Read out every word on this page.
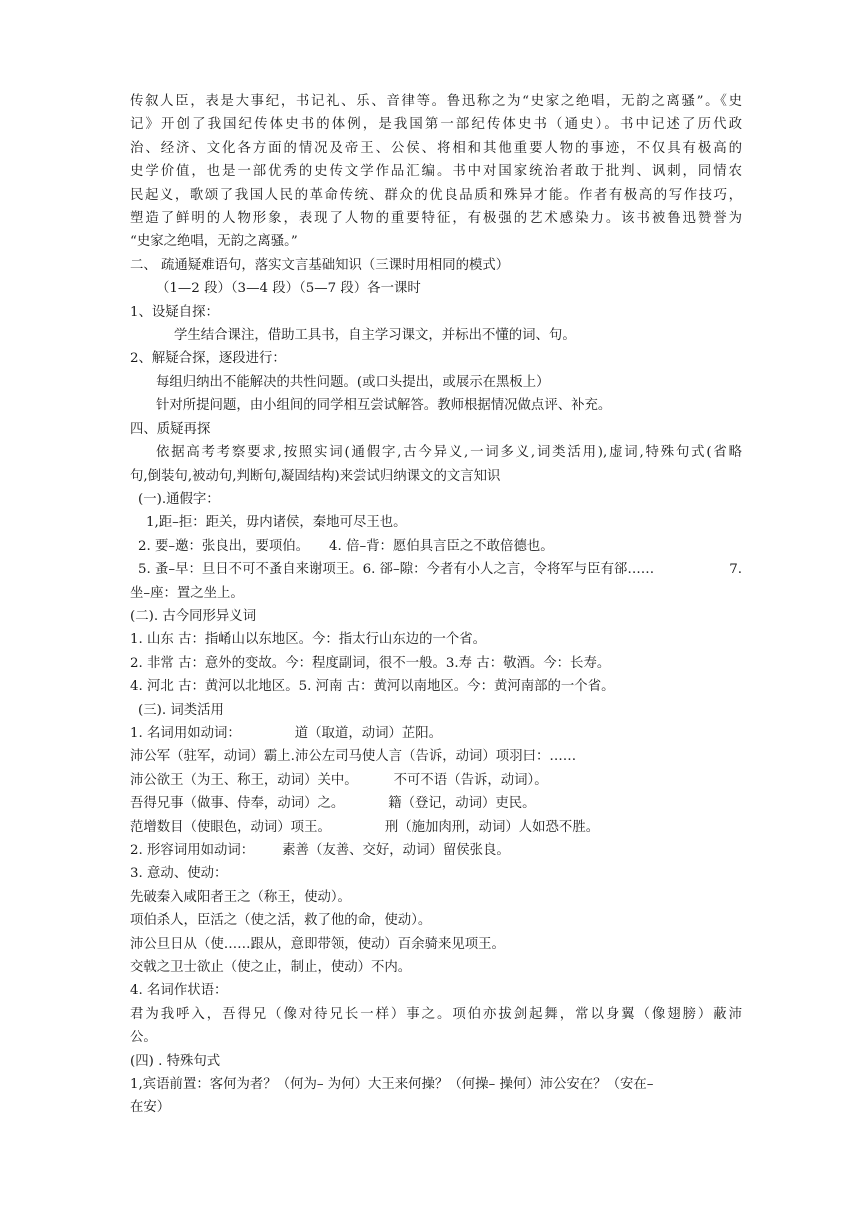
传叙人臣，表是大事纪，书记礼、乐、音律等。鲁迅称之为“史家之绝唱，无韵之离骚”。《史
记》开创了我国纪传体史书的体例，是我国第一部纪传体史书（通史）。书中记述了历代政
治、经济、文化各方面的情况及帝王、公侯、将相和其他重要人物的事迹，不仅具有极高的
史学价值，也是一部优秀的史传文学作品汇编。书中对国家统治者敢于批判、讽刺，同情农
民起义，歌颂了我国人民的革命传统、群众的优良品质和殊异才能。作者有极高的写作技巧，
塑造了鲜明的人物形象，表现了人物的重要特征，有极强的艺术感染力。该书被鲁迅赞誉为
“史家之绝唱，无韵之离骚。”
二、 疏通疑难语句，落实文言基础知识（三课时用相同的模式）
（1—2 段）（3—4 段）（5—7 段）各一课时
1、设疑自探：
学生结合课注，借助工具书，自主学习课文，并标出不懂的词、句。
2、解疑合探，逐段进行：
每组归纳出不能解决的共性问题。(或口头提出，或展示在黑板上）
针对所提问题，由小组间的同学相互尝试解答。教师根据情况做点评、补充。
四、质疑再探
依据高考考察要求,按照实词(通假字,古今异义,一词多义,词类活用),虚词,特殊句式(省略
句,倒装句,被动句,判断句,凝固结构)来尝试归纳课文的文言知识
(一).通假字：
1,距–拒：距关，毋内诸侯，秦地可尽王也。
2. 要–邀：张良出，要项伯。 4. 倍–背：愿伯具言臣之不敢倍德也。
5. 蚤–早：旦日不可不蚤自来谢项王。6. 郤–隙：今者有小人之言，令将军与臣有郤……	7.
坐–座：置之坐上。
(二). 古今同形异义词
1. 山东 古：指崤山以东地区。今：指太行山东边的一个省。
2. 非常 古：意外的变故。今：程度副词，很不一般。3.寿 古：敬酒。今：长寿。
4. 河北 古：黄河以北地区。5. 河南 古：黄河以南地区。今：黄河南部的一个省。
(三). 词类活用
1. 名词用如动词：	道（取道，动词）芷阳。
沛公军（驻军，动词）霸上.沛公左司马使人言（告诉，动词）项羽曰：……
沛公欲王（为王、称王，动词）关中。	不可不语（告诉，动词）。
吾得兄事（做事、侍奉，动词）之。	籍（登记，动词）吏民。
范增数目（使眼色，动词）项王。	刑（施加肉刑，动词）人如恐不胜。
2. 形容词用如动词： 素善（友善、交好，动词）留侯张良。
3. 意动、使动：
先破秦入咸阳者王之（称王，使动）。
项伯杀人，臣活之（使之活，救了他的命，使动）。
沛公旦日从（使……跟从，意即带领，使动）百余骑来见项王。
交戟之卫士欲止（使之止，制止，使动）不内。
4. 名词作状语：
君为我呼入，吾得兄（像对待兄长一样）事之。项伯亦拔剑起舞，常以身翼（像翅膀）蔽沛
公。
(四) . 特殊句式
1,宾语前置：客何为者？（何为– 为何）大王来何操？（何操– 操何）沛公安在？（安在–
在安）
